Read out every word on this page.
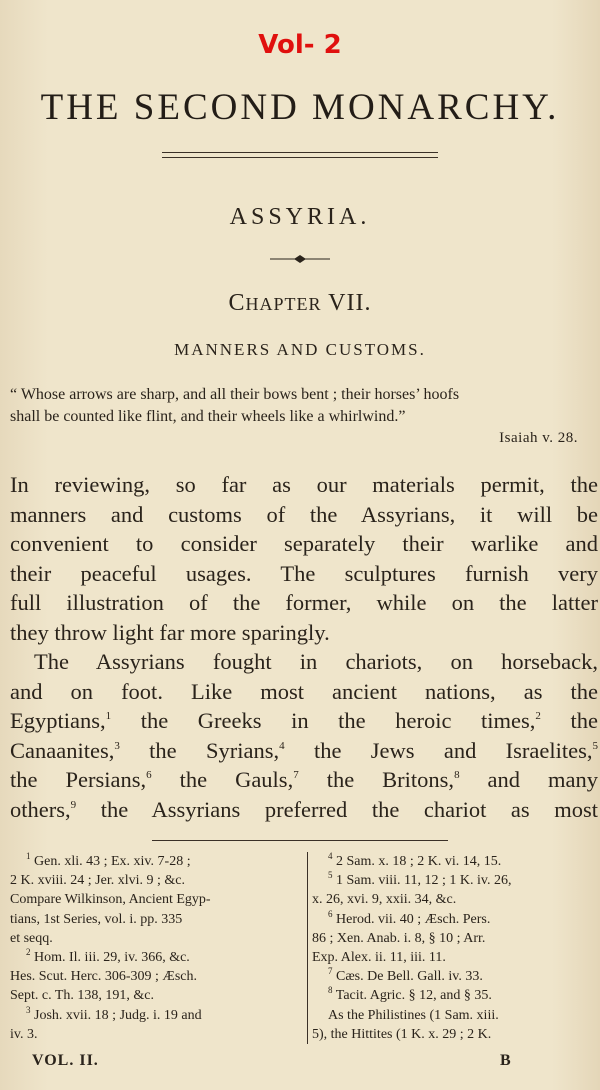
Vol- 2
THE SECOND MONARCHY.
ASSYRIA.
CHAPTER VII.
MANNERS AND CUSTOMS.
“ Whose arrows are sharp, and all their bows bent ; their horses’ hoofs
shall be counted like flint, and their wheels like a whirlwind.”
Isaiah v. 28.
In reviewing, so far as our materials permit, the
manners and customs of the Assyrians, it will be
convenient to consider separately their warlike and
their peaceful usages. The sculptures furnish very
full illustration of the former, while on the latter
they throw light far more sparingly.
The Assyrians fought in chariots, on horseback,
and on foot. Like most ancient nations, as the
Egyptians,$^1$ the Greeks in the heroic times,$^2$ the
Canaanites,$^3$ the Syrians,$^4$ the Jews and Israelites,$^5$
the Persians,$^6$ the Gauls,$^7$ the Britons,$^8$ and many
others,$^9$ the Assyrians preferred the chariot as most
$^1$ Gen. xli. 43 ; Ex. xiv. 7-28 ;
2 K. xviii. 24 ; Jer. xlvi. 9 ; &c.
Compare Wilkinson, Ancient Egyp-
tians, 1st Series, vol. i. pp. 335
et seqq.
$^2$ Hom. Il. iii. 29, iv. 366, &c.
Hes. Scut. Herc. 306-309 ; Æsch.
Sept. c. Th. 138, 191, &c.
$^3$ Josh. xvii. 18 ; Judg. i. 19 and
iv. 3.
$^4$ 2 Sam. x. 18 ; 2 K. vi. 14, 15.
$^5$ 1 Sam. viii. 11, 12 ; 1 K. iv. 26,
x. 26, xvi. 9, xxii. 34, &c.
$^6$ Herod. vii. 40 ; Æsch. Pers.
86 ; Xen. Anab. i. 8, § 10 ; Arr.
Exp. Alex. ii. 11, iii. 11.
$^7$ Cæs. De Bell. Gall. iv. 33.
$^8$ Tacit. Agric. § 12, and § 35.
As the Philistines (1 Sam. xiii.
5), the Hittites (1 K. x. 29 ; 2 K.
VOL. II.	B
